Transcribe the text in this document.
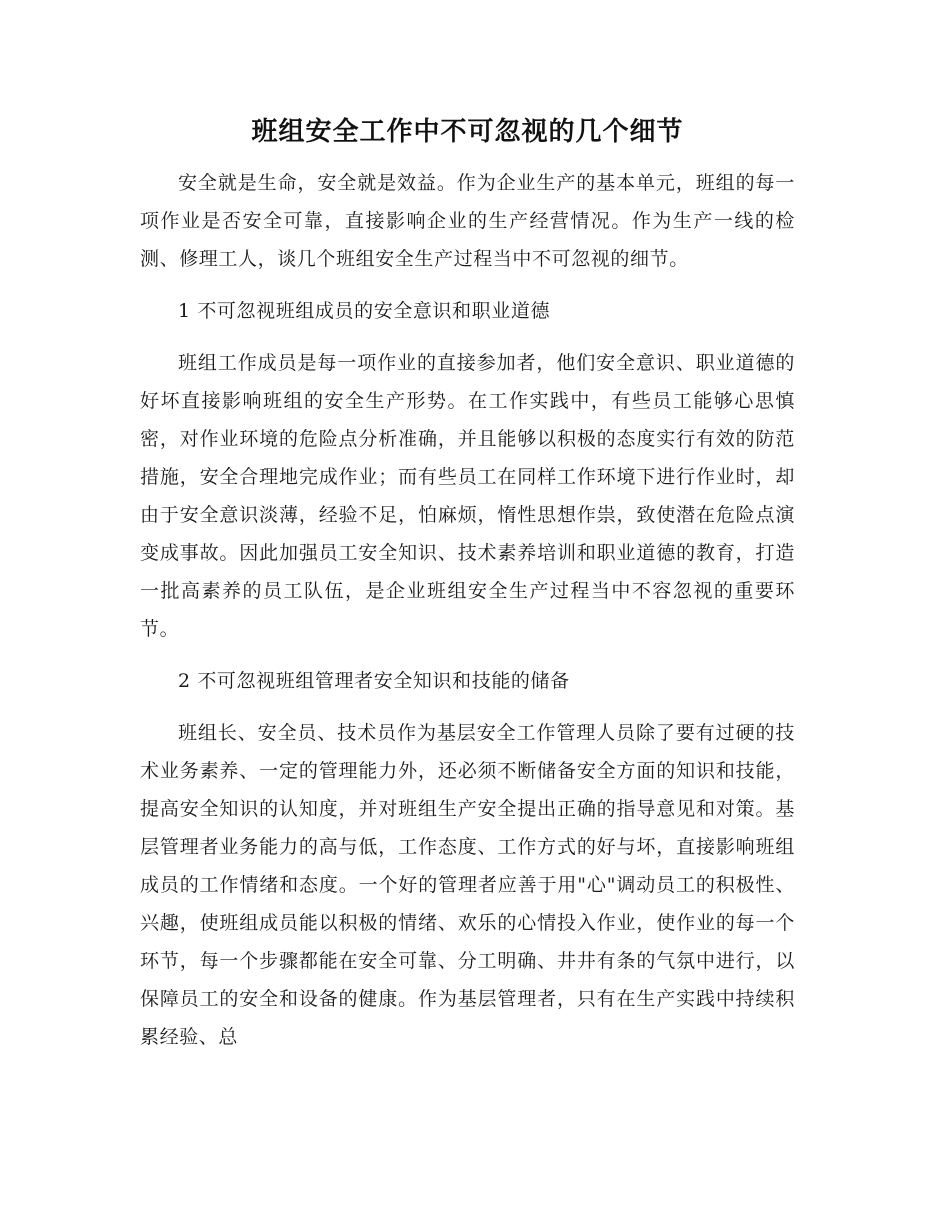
班组安全工作中不可忽视的几个细节

安全就是生命，安全就是效益。作为企业生产的基本单元，班组的每一项作业是否安全可靠，直接影响企业的生产经营情况。作为生产一线的检测、修理工人，谈几个班组安全生产过程当中不可忽视的细节。

1 不可忽视班组成员的安全意识和职业道德

班组工作成员是每一项作业的直接参加者，他们安全意识、职业道德的好坏直接影响班组的安全生产形势。在工作实践中，有些员工能够心思慎密，对作业环境的危险点分析准确，并且能够以积极的态度实行有效的防范措施，安全合理地完成作业；而有些员工在同样工作环境下进行作业时，却由于安全意识淡薄，经验不足，怕麻烦，惰性思想作祟，致使潜在危险点演变成事故。因此加强员工安全知识、技术素养培训和职业道德的教育，打造一批高素养的员工队伍，是企业班组安全生产过程当中不容忽视的重要环节。

2 不可忽视班组管理者安全知识和技能的储备

班组长、安全员、技术员作为基层安全工作管理人员除了要有过硬的技术业务素养、一定的管理能力外，还必须不断储备安全方面的知识和技能，提高安全知识的认知度，并对班组生产安全提出正确的指导意见和对策。基层管理者业务能力的高与低，工作态度、工作方式的好与坏，直接影响班组成员的工作情绪和态度。一个好的管理者应善于用"心"调动员工的积极性、兴趣，使班组成员能以积极的情绪、欢乐的心情投入作业，使作业的每一个环节，每一个步骤都能在安全可靠、分工明确、井井有条的气氛中进行，以保障员工的安全和设备的健康。作为基层管理者，只有在生产实践中持续积累经验、总
